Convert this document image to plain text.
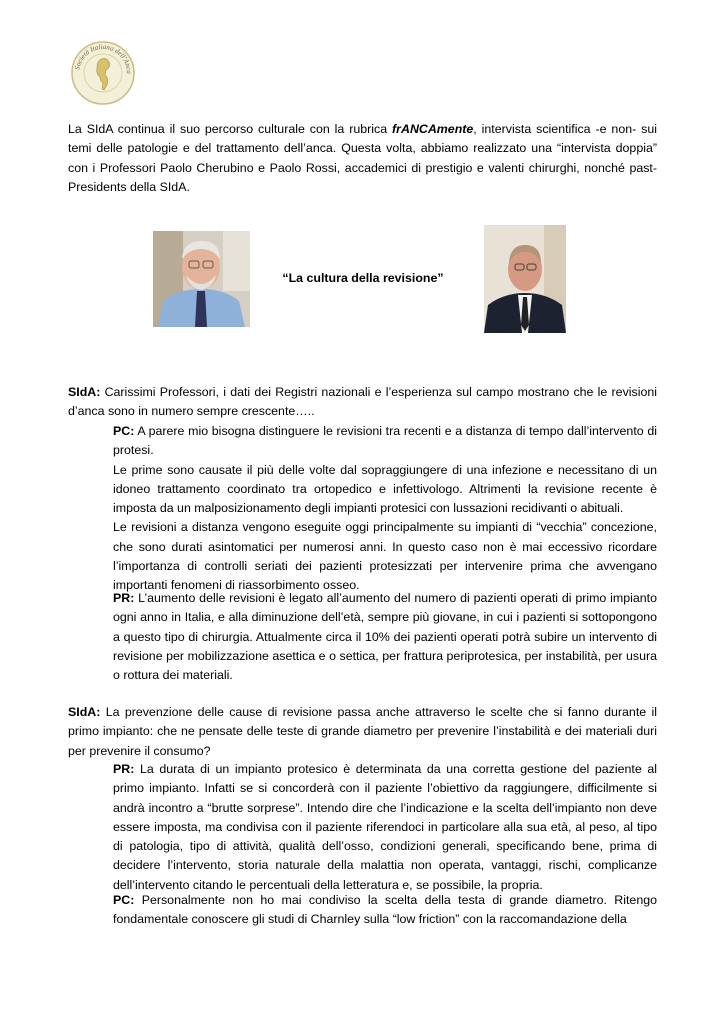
Società Italiana dell'Anca

La SIdA continua il suo percorso culturale con la rubrica frANCAmente, intervista scientifica -e non- sui temi delle patologie e del trattamento dell’anca. Questa volta, abbiamo realizzato una “intervista doppia” con i Professori Paolo Cherubino e Paolo Rossi, accademici di prestigio e valenti chirurghi, nonché past-Presidents della SIdA.

“La cultura della revisione”

SIdA: Carissimi Professori, i dati dei Registri nazionali e l’esperienza sul campo mostrano che le revisioni d’anca sono in numero sempre crescente…..

PC: A parere mio bisogna distinguere le revisioni tra recenti e a distanza di tempo dall’intervento di protesi.
Le prime sono causate il più delle volte dal sopraggiungere di una infezione e necessitano di un idoneo trattamento coordinato tra ortopedico e infettivologo. Altrimenti la revisione recente è imposta da un malposizionamento degli impianti protesici con lussazioni recidivanti o abituali.
Le revisioni a distanza vengono eseguite oggi principalmente su impianti di “vecchia” concezione, che sono durati asintomatici per numerosi anni. In questo caso non è mai eccessivo ricordare l’importanza di controlli seriati dei pazienti protesizzati per intervenire prima che avvengano importanti fenomeni di riassorbimento osseo.

PR: L’aumento delle revisioni è legato all’aumento del numero di pazienti operati di primo impianto ogni anno in Italia, e alla diminuzione dell’età, sempre più giovane, in cui i pazienti si sottopongono a questo tipo di chirurgia. Attualmente circa il 10% dei pazienti operati potrà subire un intervento di revisione per mobilizzazione asettica e o settica, per frattura periprotesica, per instabilità, per usura o rottura dei materiali.

SIdA: La prevenzione delle cause di revisione passa anche attraverso le scelte che si fanno durante il primo impianto: che ne pensate delle teste di grande diametro per prevenire l’instabilità e dei materiali duri per prevenire il consumo?

PR: La durata di un impianto protesico è determinata da una corretta gestione del paziente al primo impianto. Infatti se si concorderà con il paziente l’obiettivo da raggiungere, difficilmente si andrà incontro a “brutte sorprese”. Intendo dire che l’indicazione e la scelta dell’impianto non deve essere imposta, ma condivisa con il paziente riferendoci in particolare alla sua età, al peso, al tipo di patologia, tipo di attività, qualità dell’osso, condizioni generali, specificando bene, prima di decidere l’intervento, storia naturale della malattia non operata, vantaggi, rischi, complicanze dell’intervento citando le percentuali della letteratura e, se possibile, la propria.

PC: Personalmente non ho mai condiviso la scelta della testa di grande diametro. Ritengo fondamentale conoscere gli studi di Charnley sulla “low friction” con la raccomandazione della
